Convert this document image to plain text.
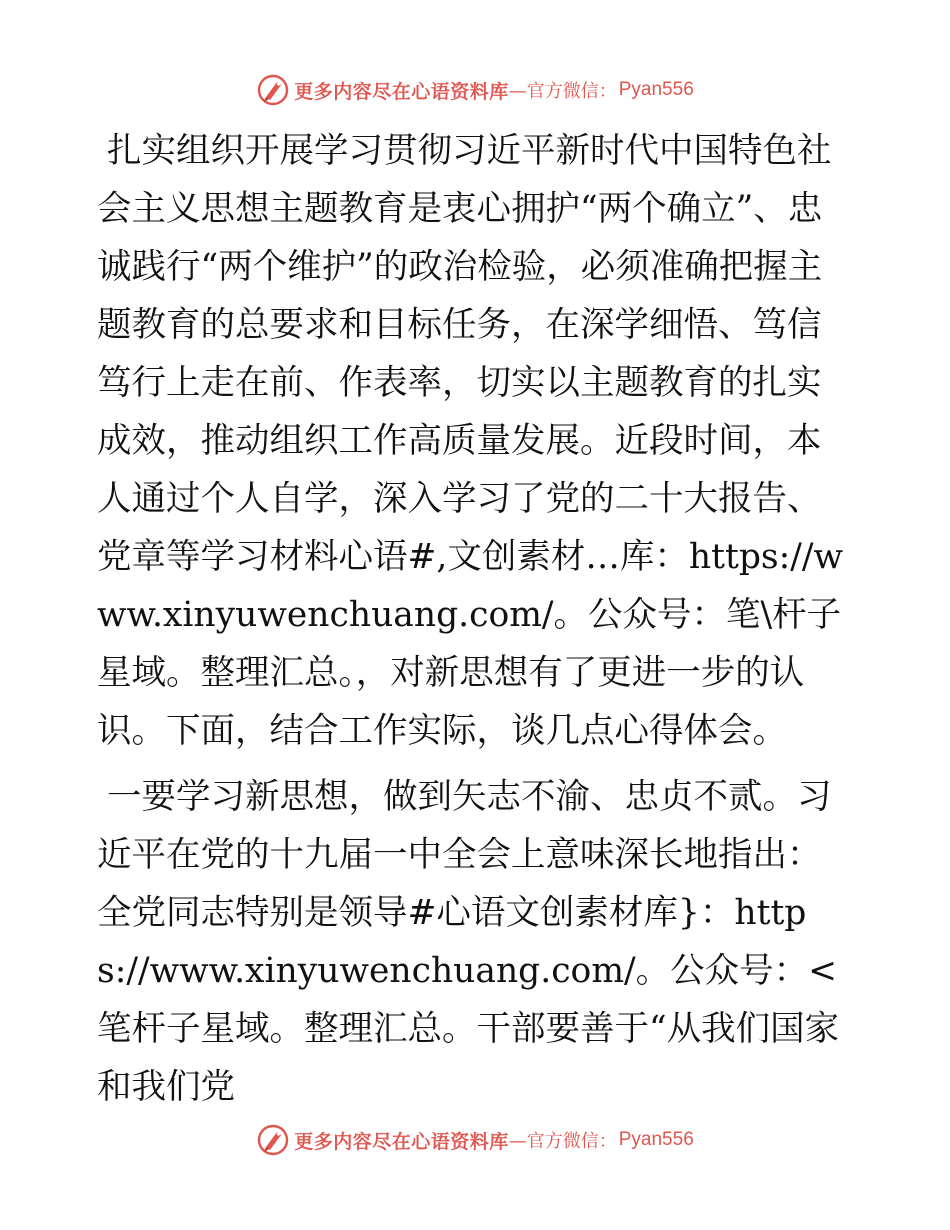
更多内容尽在心语资料库 —官方微信： Pyan556

扎实组织开展学习贯彻习近平新时代中国特色社会主义思想主题教育是衷心拥护“两个确立”、忠诚践行“两个维护”的政治检验，必须准确把握主题教育的总要求和目标任务，在深学细悟、笃信笃行上走在前、作表率，切实以主题教育的扎实成效，推动组织工作高质量发展。近段时间，本人通过个人自学，深入学习了党的二十大报告、党章等学习材料心语#,文创素材…库：https://www.xinyuwenchuang.com/。公众号：笔\杆子星域。整理汇总。，对新思想有了更进一步的认识。下面，结合工作实际，谈几点心得体会。

一要学习新思想，做到矢志不渝、忠贞不贰。习近平在党的十九届一中全会上意味深长地指出：全党同志特别是领导#心语文创素材库}：https://www.xinyuwenchuang.com/。公众号：<笔杆子星域。整理汇总。干部要善于“从我们国家和我们党

更多内容尽在心语资料库 —官方微信： Pyan556
